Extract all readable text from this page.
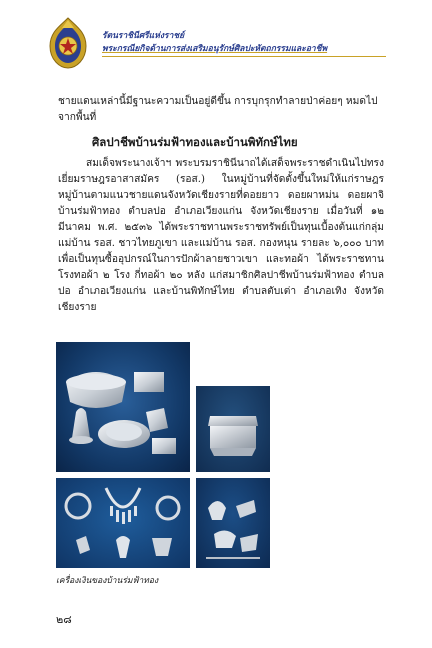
รัตนราชินีศรีแห่งราชย์
พระกรณียกิจด้านการส่งเสริมอนุรักษ์ศิลปะหัตถกรรมและอาชีพ

ชายแดนเหล่านี้มีฐานะความเป็นอยู่ดีขึ้น การบุกรุกทำลายป่าค่อยๆ หมดไปจากพื้นที่

ศิลปาชีพบ้านร่มฟ้าทองและบ้านพิทักษ์ไทย

สมเด็จพระนางเจ้าฯ พระบรมราชินีนาถได้เสด็จพระราชดำเนินไปทรงเยี่ยมราษฎรอาสาสมัคร (รอส.) ในหมู่บ้านที่จัดตั้งขึ้นใหม่ให้แก่ราษฎรหมู่บ้านตามแนวชายแดนจังหวัดเชียงรายที่ดอยยาว ดอยผาหม่น ดอยผาจิบ้านร่มฟ้าทอง ตำบลปอ อำเภอเวียงแก่น จังหวัดเชียงราย เมื่อวันที่ ๑๒ มีนาคม พ.ศ. ๒๕๓๖ ได้พระราชทานพระราชทรัพย์เป็นทุนเบื้องต้นแก่กลุ่มแม่บ้าน รอส. ชาวไทยภูเขา และแม่บ้าน รอส. กองหนุน รายละ ๖,๐๐๐ บาท เพื่อเป็นทุนซื้ออุปกรณ์ในการปักผ้าลายชาวเขา และทอผ้า ได้พระราชทานโรงทอผ้า ๒ โรง กี่ทอผ้า ๒๐ หลัง แก่สมาชิกศิลปาชีพบ้านร่มฟ้าทอง ตำบลปอ อำเภอเวียงแก่น และบ้านพิทักษ์ไทย ตำบลตับเต่า อำเภอเทิง จังหวัดเชียงราย

เครื่องเงินของบ้านร่มฟ้าทอง
๒๘
